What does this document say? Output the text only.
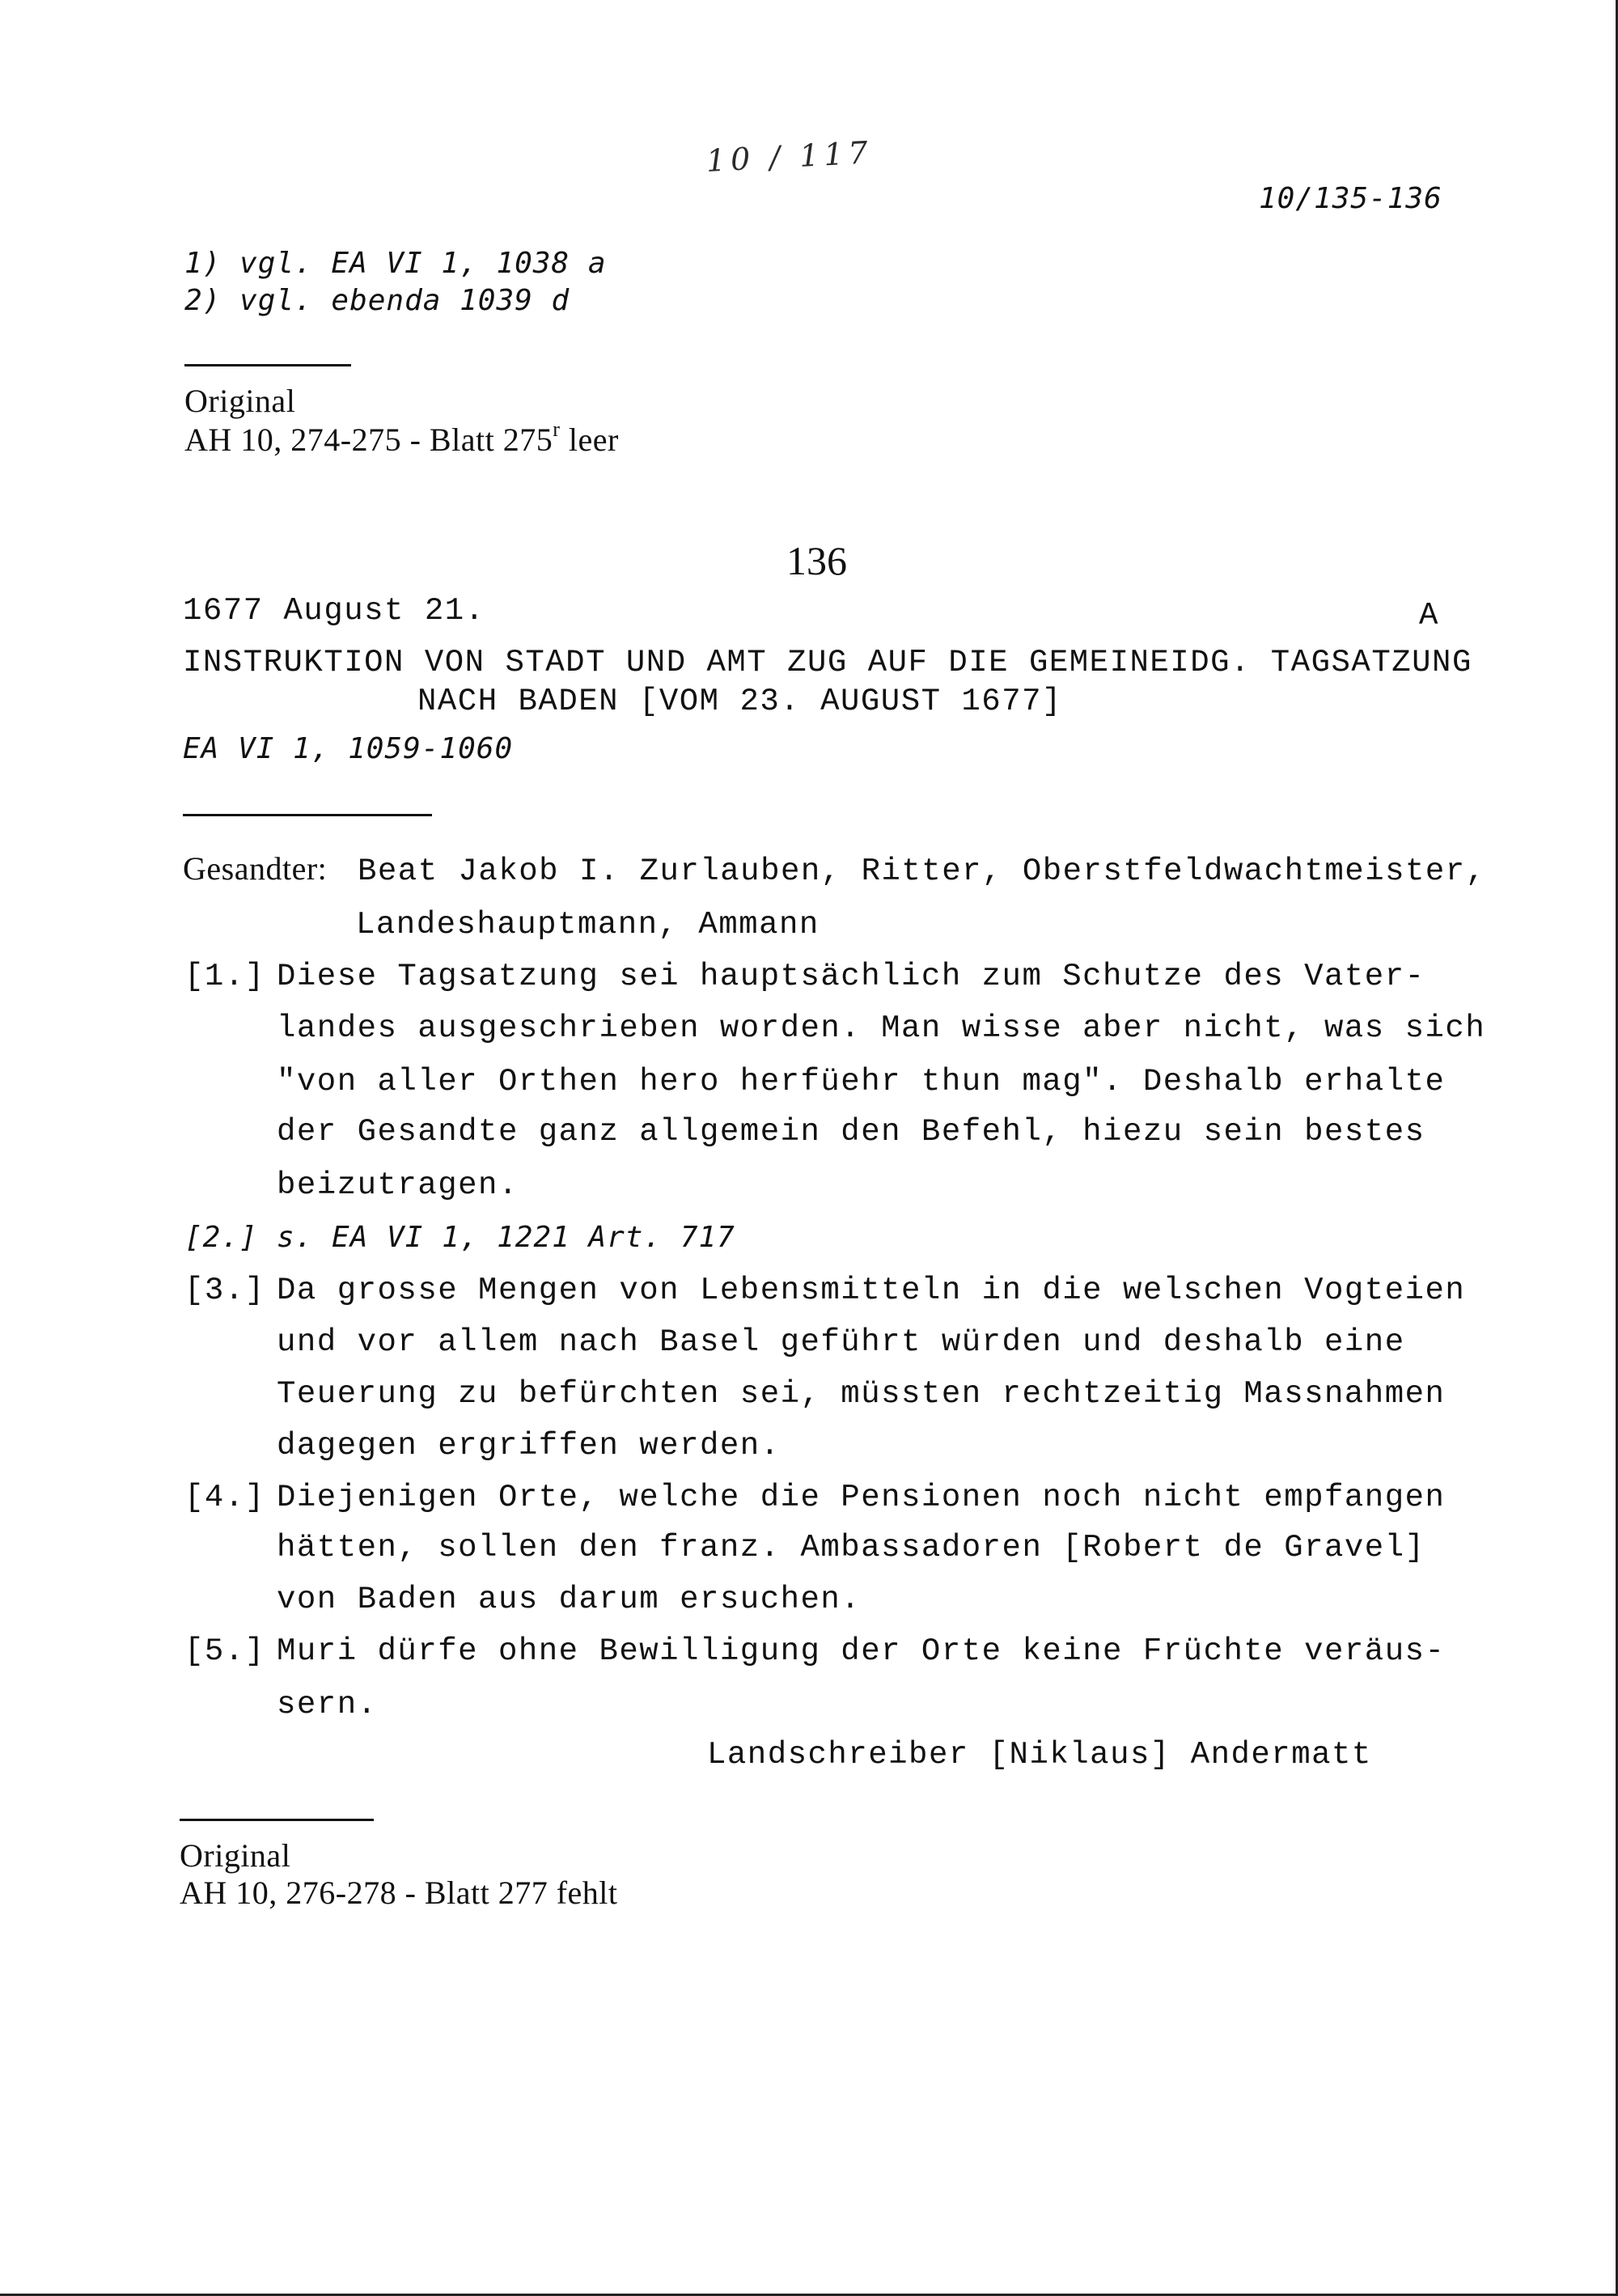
10 / 117
10/135-136
1) vgl. EA VI 1, 1038 a
2) vgl. ebenda 1039 d
Original
AH 10, 274-275 - Blatt 275$^r$ leer
136
1677 August 21.	A
INSTRUKTION VON STADT UND AMT ZUG AUF DIE GEMEINEIDG. TAGSATZUNG
NACH BADEN [VOM 23. AUGUST 1677]
EA VI 1, 1059-1060
Gesandter: Beat Jakob I. Zurlauben, Ritter, Oberstfeldwachtmeister,
Landeshauptmann, Ammann
[1.] Diese Tagsatzung sei hauptsächlich zum Schutze des Vater-
landes ausgeschrieben worden. Man wisse aber nicht, was sich
"von aller Orthen hero herfüehr thun mag". Deshalb erhalte
der Gesandte ganz allgemein den Befehl, hiezu sein bestes
beizutragen.
[2.] s. EA VI 1, 1221 Art. 717
[3.] Da grosse Mengen von Lebensmitteln in die welschen Vogteien
und vor allem nach Basel geführt würden und deshalb eine
Teuerung zu befürchten sei, müssten rechtzeitig Massnahmen
dagegen ergriffen werden.
[4.] Diejenigen Orte, welche die Pensionen noch nicht empfangen
hätten, sollen den franz. Ambassadoren [Robert de Gravel]
von Baden aus darum ersuchen.
[5.] Muri dürfe ohne Bewilligung der Orte keine Früchte veräus-
sern.
Landschreiber [Niklaus] Andermatt
Original
AH 10, 276-278 - Blatt 277 fehlt
